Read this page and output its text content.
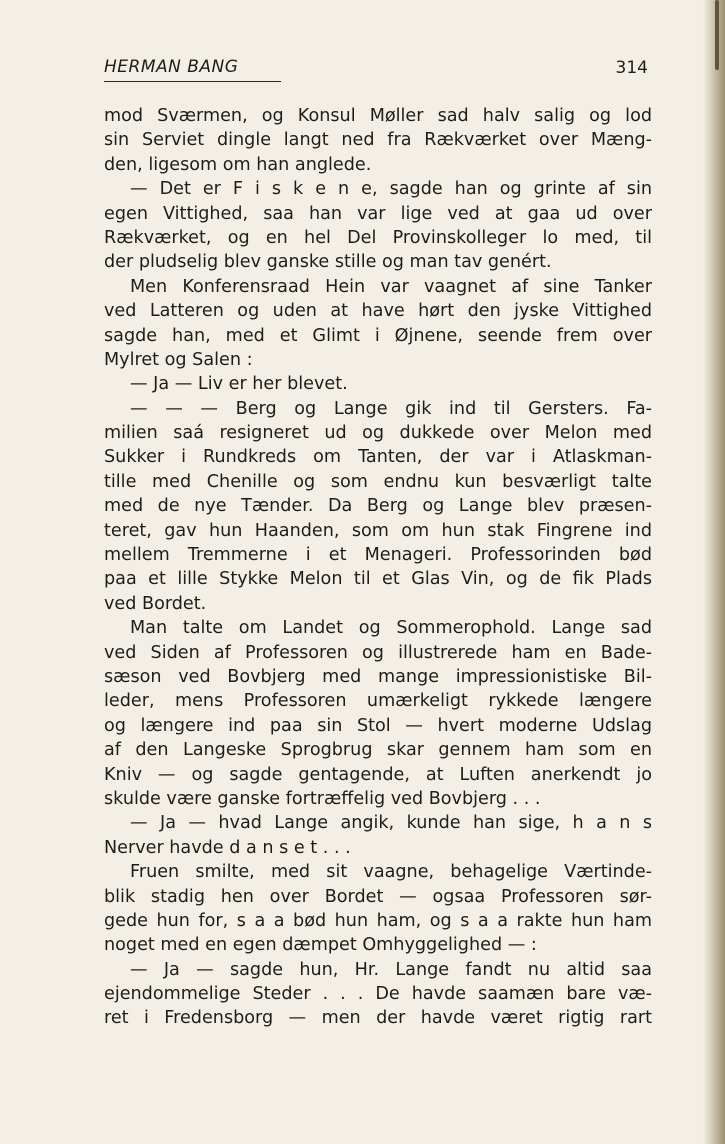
HERMAN BANG	314
mod Sværmen, og Konsul Møller sad halv salig og lod
sin Serviet dingle langt ned fra Rækværket over Mæng-
den, ligesom om han anglede.
— Det er F i s k e n e, sagde han og grinte af sin
egen Vittighed, saa han var lige ved at gaa ud over
Rækværket, og en hel Del Provinskolleger lo med, til
der pludselig blev ganske stille og man tav genért.
Men Konferensraad Hein var vaagnet af sine Tanker
ved Latteren og uden at have hørt den jyske Vittighed
sagde han, med et Glimt i Øjnene, seende frem over
Mylret og Salen :
— Ja — Liv er her blevet.
— — — Berg og Lange gik ind til Gersters. Fa-
milien saá resigneret ud og dukkede over Melon med
Sukker i Rundkreds om Tanten, der var i Atlaskman-
tille med Chenille og som endnu kun besværligt talte
med de nye Tænder. Da Berg og Lange blev præsen-
teret, gav hun Haanden, som om hun stak Fingrene ind
mellem Tremmerne i et Menageri. Professorinden bød
paa et lille Stykke Melon til et Glas Vin, og de fik Plads
ved Bordet.
Man talte om Landet og Sommerophold. Lange sad
ved Siden af Professoren og illustrerede ham en Bade-
sæson ved Bovbjerg med mange impressionistiske Bil-
leder, mens Professoren umærkeligt rykkede længere
og længere ind paa sin Stol — hvert moderne Udslag
af den Langeske Sprogbrug skar gennem ham som en
Kniv — og sagde gentagende, at Luften anerkendt jo
skulde være ganske fortræffelig ved Bovbjerg . . .
— Ja — hvad Lange angik, kunde han sige, h a n s
Nerver havde d a n s e t . . .
Fruen smilte, med sit vaagne, behagelige Værtinde-
blik stadig hen over Bordet — ogsaa Professoren sør-
gede hun for, s a a bød hun ham, og s a a rakte hun ham
noget med en egen dæmpet Omhyggelighed — :
— Ja — sagde hun, Hr. Lange fandt nu altid saa
ejendommelige Steder . . . De havde saamæn bare væ-
ret i Fredensborg — men der havde været rigtig rart
